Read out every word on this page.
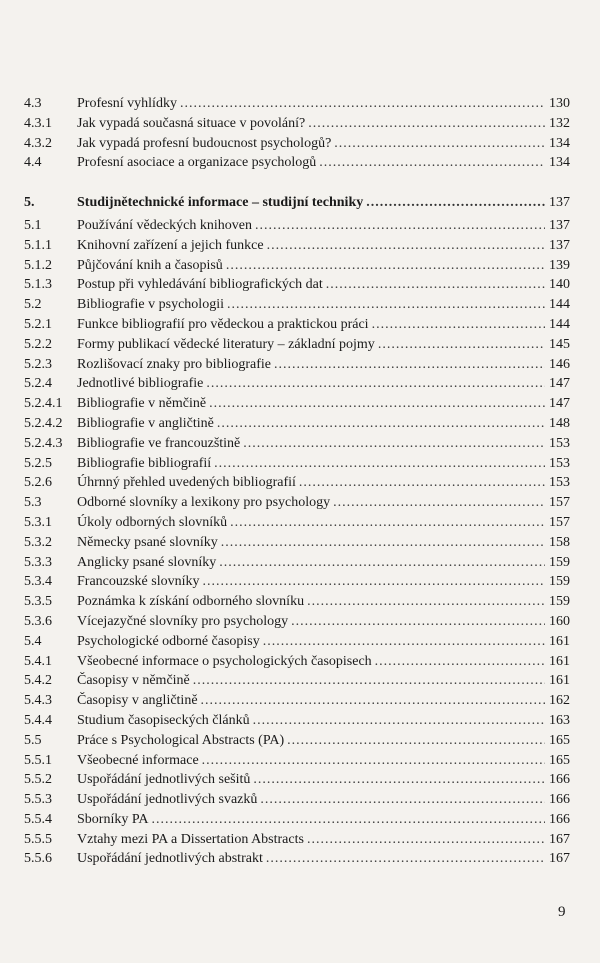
4.3	Profesní vyhlídky .....	130
4.3.1	Jak vypadá současná situace v povolání? .....	132
4.3.2	Jak vypadá profesní budoucnost psychologů? .....	134
4.4	Profesní asociace a organizace psychologů .....	134
5.	Studijnětechnické informace – studijní techniky .....	137
5.1	Používání vědeckých knihoven .....	137
5.1.1	Knihovní zařízení a jejich funkce .....	137
5.1.2	Půjčování knih a časopisů .....	139
5.1.3	Postup při vyhledávání bibliografických dat .....	140
5.2	Bibliografie v psychologii .....	144
5.2.1	Funkce bibliografií pro vědeckou a praktickou práci .....	144
5.2.2	Formy publikací vědecké literatury – základní pojmy .....	145
5.2.3	Rozlišovací znaky pro bibliografie .....	146
5.2.4	Jednotlivé bibliografie .....	147
5.2.4.1	Bibliografie v němčině .....	147
5.2.4.2	Bibliografie v angličtině .....	148
5.2.4.3	Bibliografie ve francouzštině .....	153
5.2.5	Bibliografie bibliografií .....	153
5.2.6	Úhrnný přehled uvedených bibliografií .....	153
5.3	Odborné slovníky a lexikony pro psychology .....	157
5.3.1	Úkoly odborných slovníků .....	157
5.3.2	Německy psané slovníky .....	158
5.3.3	Anglicky psané slovníky .....	159
5.3.4	Francouzské slovníky .....	159
5.3.5	Poznámka k získání odborného slovníku .....	159
5.3.6	Vícejazyčné slovníky pro psychology .....	160
5.4	Psychologické odborné časopisy .....	161
5.4.1	Všeobecné informace o psychologických časopisech .....	161
5.4.2	Časopisy v němčině .....	161
5.4.3	Časopisy v angličtině .....	162
5.4.4	Studium časopiseckých článků .....	163
5.5	Práce s Psychological Abstracts (PA) .....	165
5.5.1	Všeobecné informace .....	165
5.5.2	Uspořádání jednotlivých sešitů .....	166
5.5.3	Uspořádání jednotlivých svazků .....	166
5.5.4	Sborníky PA .....	166
5.5.5	Vztahy mezi PA a Dissertation Abstracts .....	167
5.5.6	Uspořádání jednotlivých abstrakt .....	167
9
